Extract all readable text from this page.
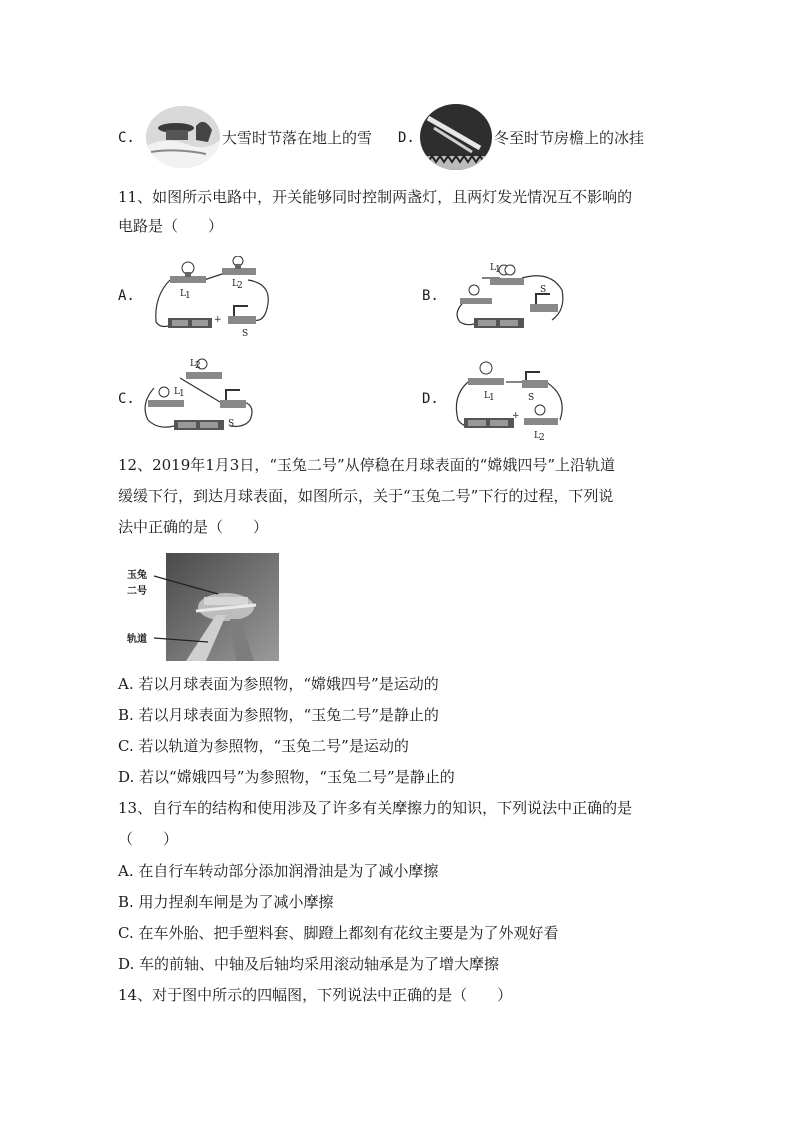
C.	大雪时节落在地上的雪 D.	冬至时节房檐上的冰挂
11、如图所示电路中，开关能够同时控制两盏灯，且两灯发光情况互不影响的
电路是（　　）
A.	L 1
L 2
+
S
B.
L 1
S
C.
L 2
L 1
S
D.	L 1	S
+
L 2
12、2019年1月3日，“玉兔二号”从停稳在月球表面的“嫦娥四号”上沿轨道
缓缓下行，到达月球表面，如图所示，关于“玉兔二号”下行的过程，下列说
法中正确的是（　　）
玉兔
二号
轨道
A. 若以月球表面为参照物，“嫦娥四号”是运动的
B. 若以月球表面为参照物，“玉兔二号”是静止的
C. 若以轨道为参照物，“玉兔二号”是运动的
D. 若以“嫦娥四号”为参照物，“玉兔二号”是静止的
13、自行车的结构和使用涉及了许多有关摩擦力的知识，下列说法中正确的是
（　　）
A. 在自行车转动部分添加润滑油是为了减小摩擦
B. 用力捏刹车闸是为了减小摩擦
C. 在车外胎、把手塑料套、脚蹬上都刻有花纹主要是为了外观好看
D. 车的前轴、中轴及后轴均采用滚动轴承是为了增大摩擦
14、对于图中所示的四幅图，下列说法中正确的是（　　）
